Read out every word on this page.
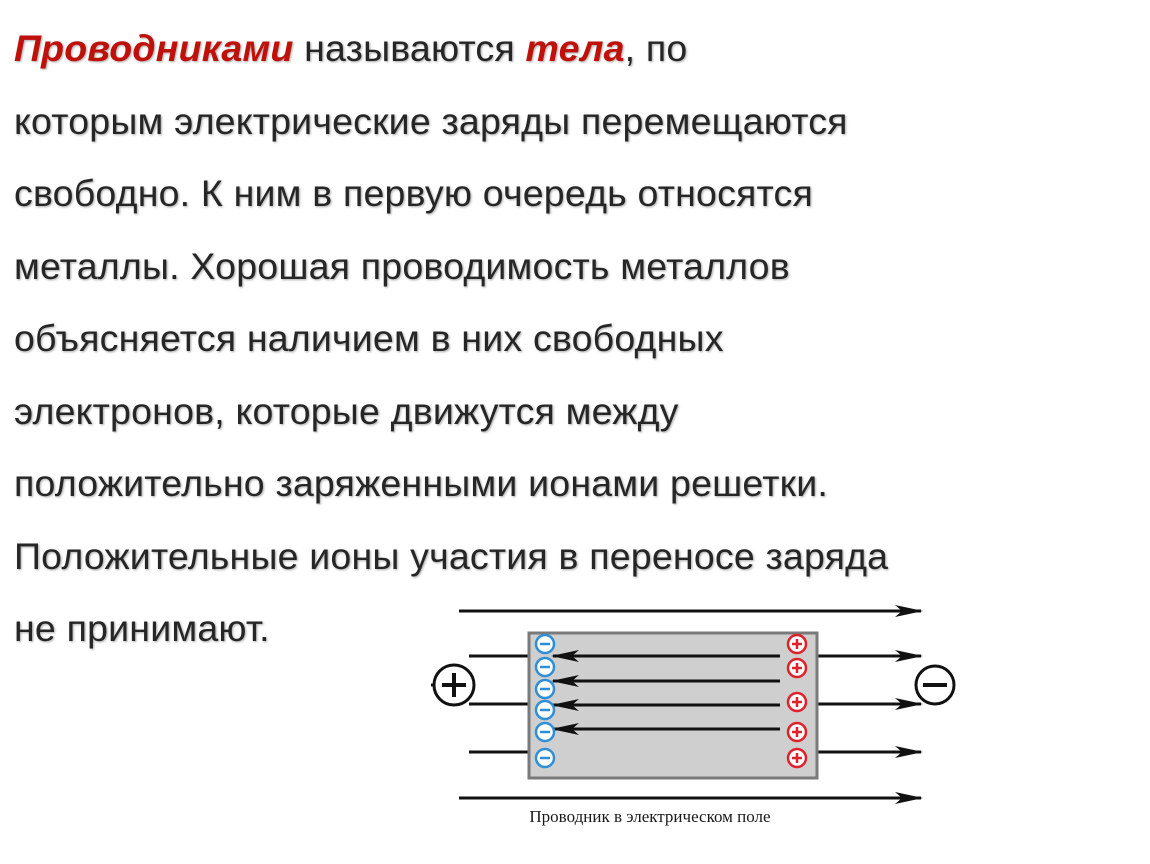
Проводниками называются тела, по
которым электрические заряды перемещаются
свободно. К ним в первую очередь относятся
металлы. Хорошая проводимость металлов
объясняется наличием в них свободных
электронов, которые движутся между
положительно заряженными ионами решетки.
Положительные ионы участия в переносе заряда
не принимают.
Проводник в электрическом поле
